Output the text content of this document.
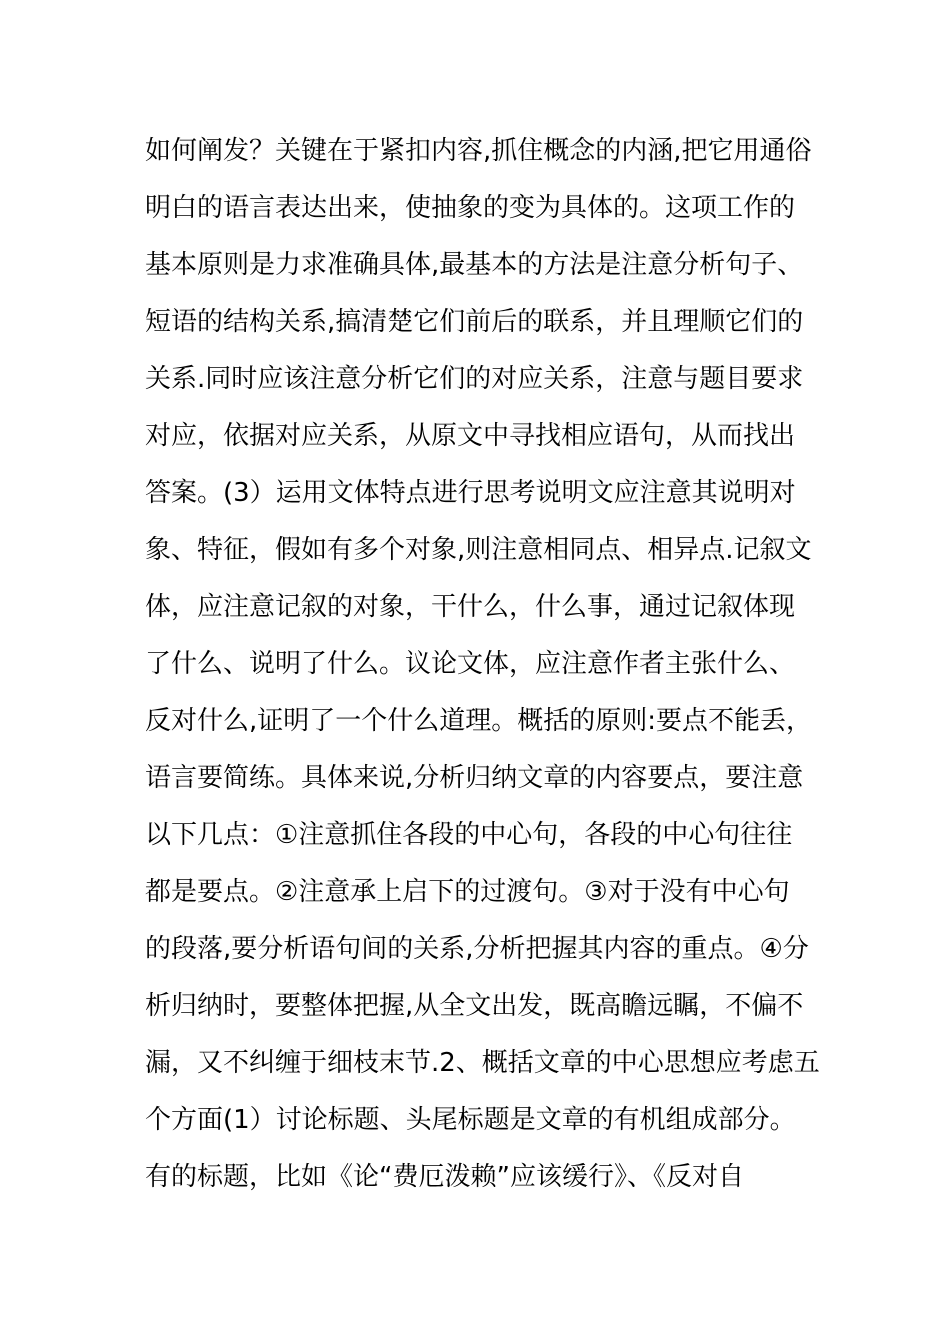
如何阐发？关键在于紧扣内容,抓住概念的内涵,把它用通俗
明白的语言表达出来，使抽象的变为具体的。这项工作的
基本原则是力求准确具体,最基本的方法是注意分析句子、
短语的结构关系,搞清楚它们前后的联系，并且理顺它们的
关系.同时应该注意分析它们的对应关系，注意与题目要求
对应，依据对应关系，从原文中寻找相应语句，从而找出
答案。(3）运用文体特点进行思考说明文应注意其说明对
象、特征，假如有多个对象,则注意相同点、相异点.记叙文
体，应注意记叙的对象，干什么，什么事，通过记叙体现
了什么、说明了什么。议论文体，应注意作者主张什么、
反对什么,证明了一个什么道理。概括的原则:要点不能丢，
语言要简练。具体来说,分析归纳文章的内容要点，要注意
以下几点：①注意抓住各段的中心句，各段的中心句往往
都是要点。②注意承上启下的过渡句。③对于没有中心句
的段落,要分析语句间的关系,分析把握其内容的重点。④分
析归纳时，要整体把握,从全文出发，既高瞻远瞩，不偏不
漏，又不纠缠于细枝末节.2、概括文章的中心思想应考虑五
个方面(1）讨论标题、头尾标题是文章的有机组成部分。
有的标题，比如《论“费厄泼赖”应该缓行》、《反对自
